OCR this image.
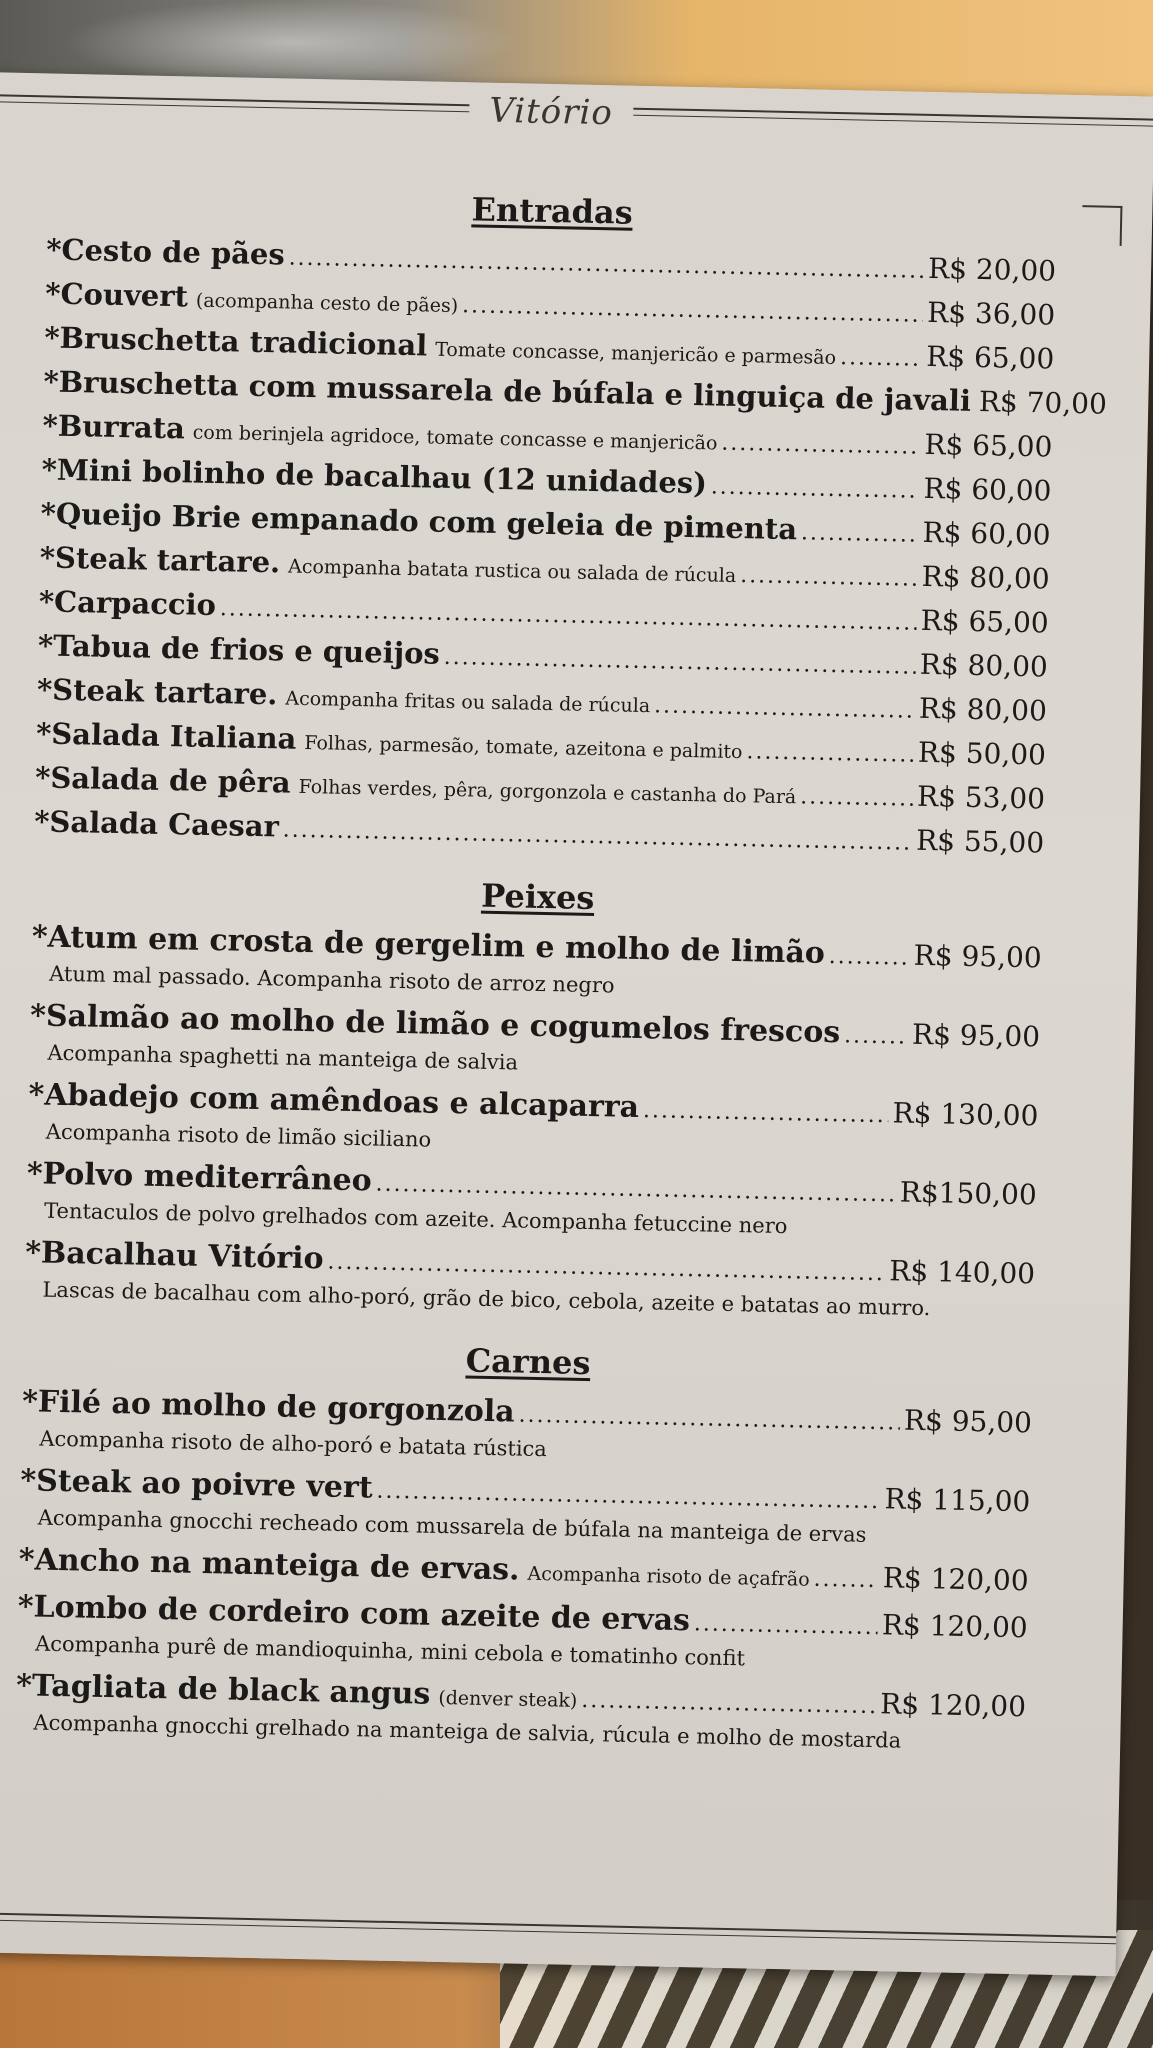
Vitório
Entradas
*Cesto de pães .....	R$ 20,00
*Couvert (acompanha cesto de pães) .....	R$ 36,00
*Bruschetta tradicional Tomate concasse, manjericão e parmesão .....	R$ 65,00
*Bruschetta com mussarela de búfala e linguiça de javali ..... R$ 70,00
*Burrata com berinjela agridoce, tomate concasse e manjericão .....	R$ 65,00
*Mini bolinho de bacalhau (12 unidades) .....	R$ 60,00
*Queijo Brie empanado com geleia de pimenta .....	R$ 60,00
*Steak tartare. Acompanha batata rustica ou salada de rúcula .....	R$ 80,00
*Carpaccio .....	R$ 65,00
*Tabua de frios e queijos .....	R$ 80,00
*Steak tartare. Acompanha fritas ou salada de rúcula .....	R$ 80,00
*Salada Italiana Folhas, parmesão, tomate, azeitona e palmito .....	R$ 50,00
*Salada de pêra Folhas verdes, pêra, gorgonzola e castanha do Pará .....	R$ 53,00
*Salada Caesar .....	R$ 55,00
Peixes
*Atum em crosta de gergelim e molho de limão .....	R$ 95,00
Atum mal passado. Acompanha risoto de arroz negro
*Salmão ao molho de limão e cogumelos frescos .....	R$ 95,00
Acompanha spaghetti na manteiga de salvia
*Abadejo com amêndoas e alcaparra .....	R$ 130,00
Acompanha risoto de limão siciliano
*Polvo mediterrâneo .....	R$150,00
Tentaculos de polvo grelhados com azeite. Acompanha fetuccine nero
*Bacalhau Vitório .....	R$ 140,00
Lascas de bacalhau com alho-poró, grão de bico, cebola, azeite e batatas ao murro.
Carnes
*Filé ao molho de gorgonzola .....	R$ 95,00
Acompanha risoto de alho-poró e batata rústica
*Steak ao poivre vert .....	R$ 115,00
Acompanha gnocchi recheado com mussarela de búfala na manteiga de ervas
*Ancho na manteiga de ervas. Acompanha risoto de açafrão .....	R$ 120,00
*Lombo de cordeiro com azeite de ervas .....	R$ 120,00
Acompanha purê de mandioquinha, mini cebola e tomatinho confit
*Tagliata de black angus (denver steak) .....	R$ 120,00
Acompanha gnocchi grelhado na manteiga de salvia, rúcula e molho de mostarda
